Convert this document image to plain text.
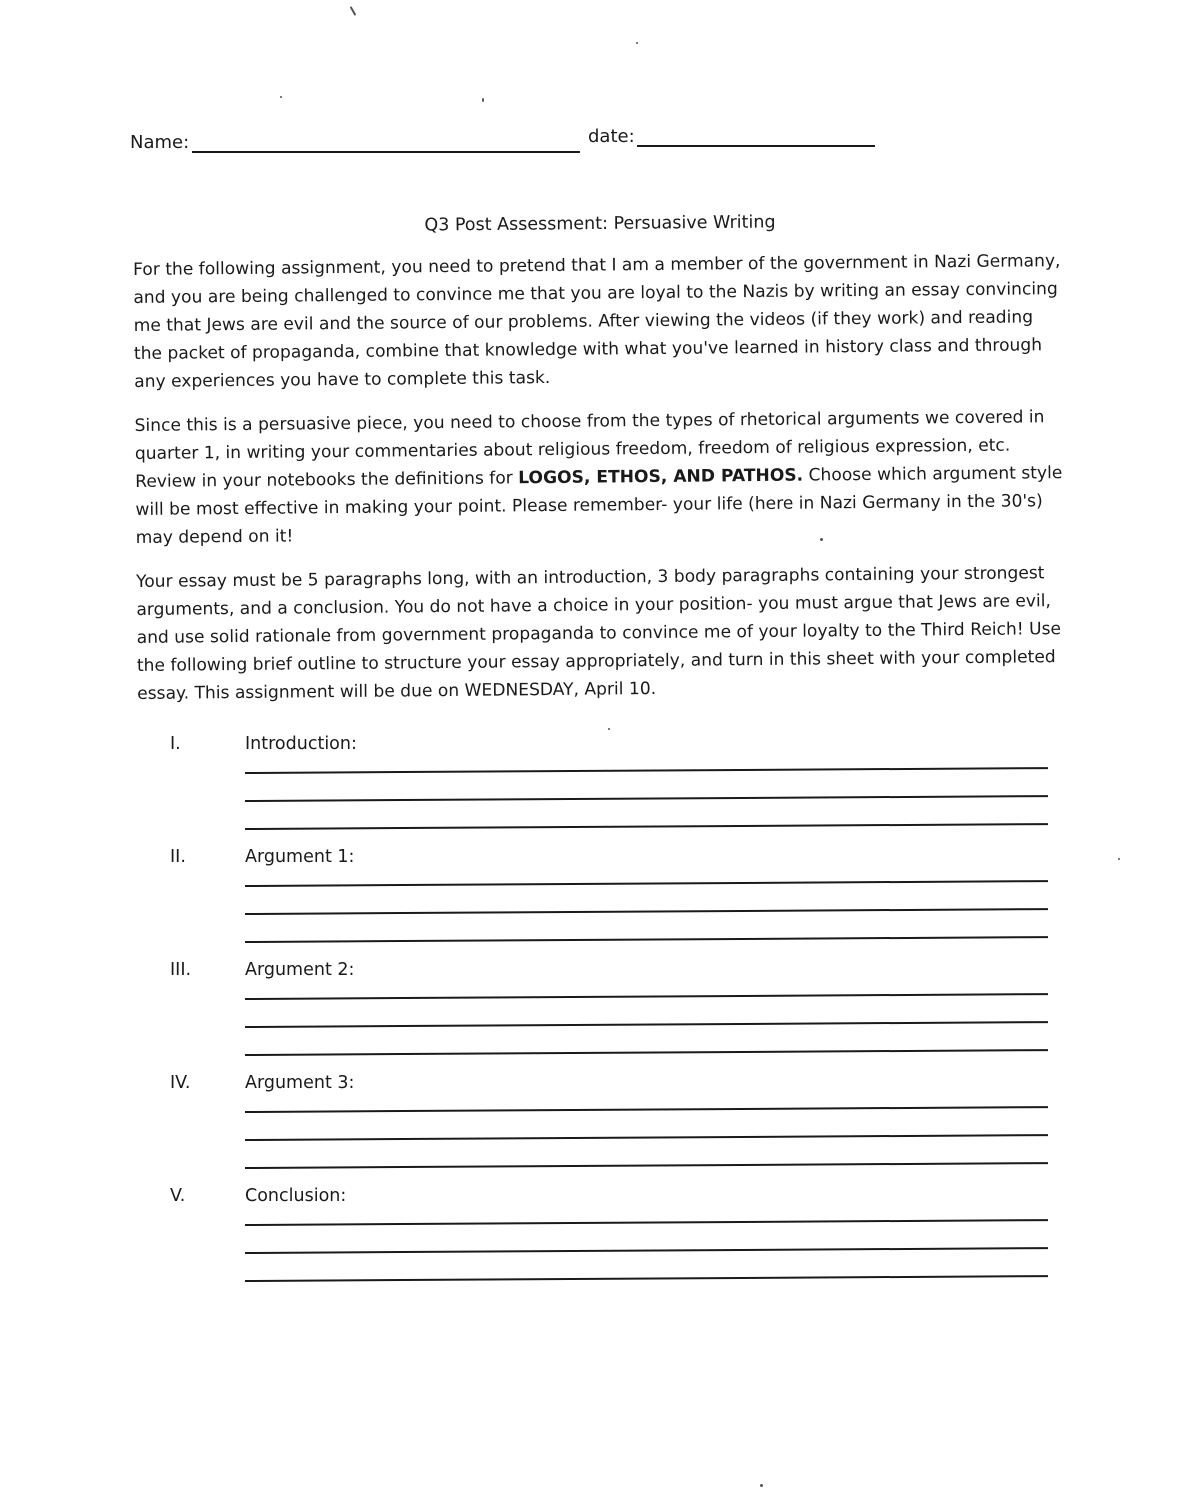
Name:	date:
Q3 Post Assessment: Persuasive Writing

For the following assignment, you need to pretend that I am a member of the government in Nazi Germany, and you are being challenged to convince me that you are loyal to the Nazis by writing an essay convincing me that Jews are evil and the source of our problems. After viewing the videos (if they work) and reading the packet of propaganda, combine that knowledge with what you've learned in history class and through any experiences you have to complete this task.

Since this is a persuasive piece, you need to choose from the types of rhetorical arguments we covered in quarter 1, in writing your commentaries about religious freedom, freedom of religious expression, etc. Review in your notebooks the definitions for LOGOS, ETHOS, AND PATHOS. Choose which argument style will be most effective in making your point. Please remember- your life (here in Nazi Germany in the 30's) may depend on it!

Your essay must be 5 paragraphs long, with an introduction, 3 body paragraphs containing your strongest arguments, and a conclusion. You do not have a choice in your position- you must argue that Jews are evil, and use solid rationale from government propaganda to convince me of your loyalty to the Third Reich! Use the following brief outline to structure your essay appropriately, and turn in this sheet with your completed essay. This assignment will be due on WEDNESDAY, April 10.

I.	Introduction:
II.	Argument 1:
III.	Argument 2:
IV.	Argument 3:
V.	Conclusion:
